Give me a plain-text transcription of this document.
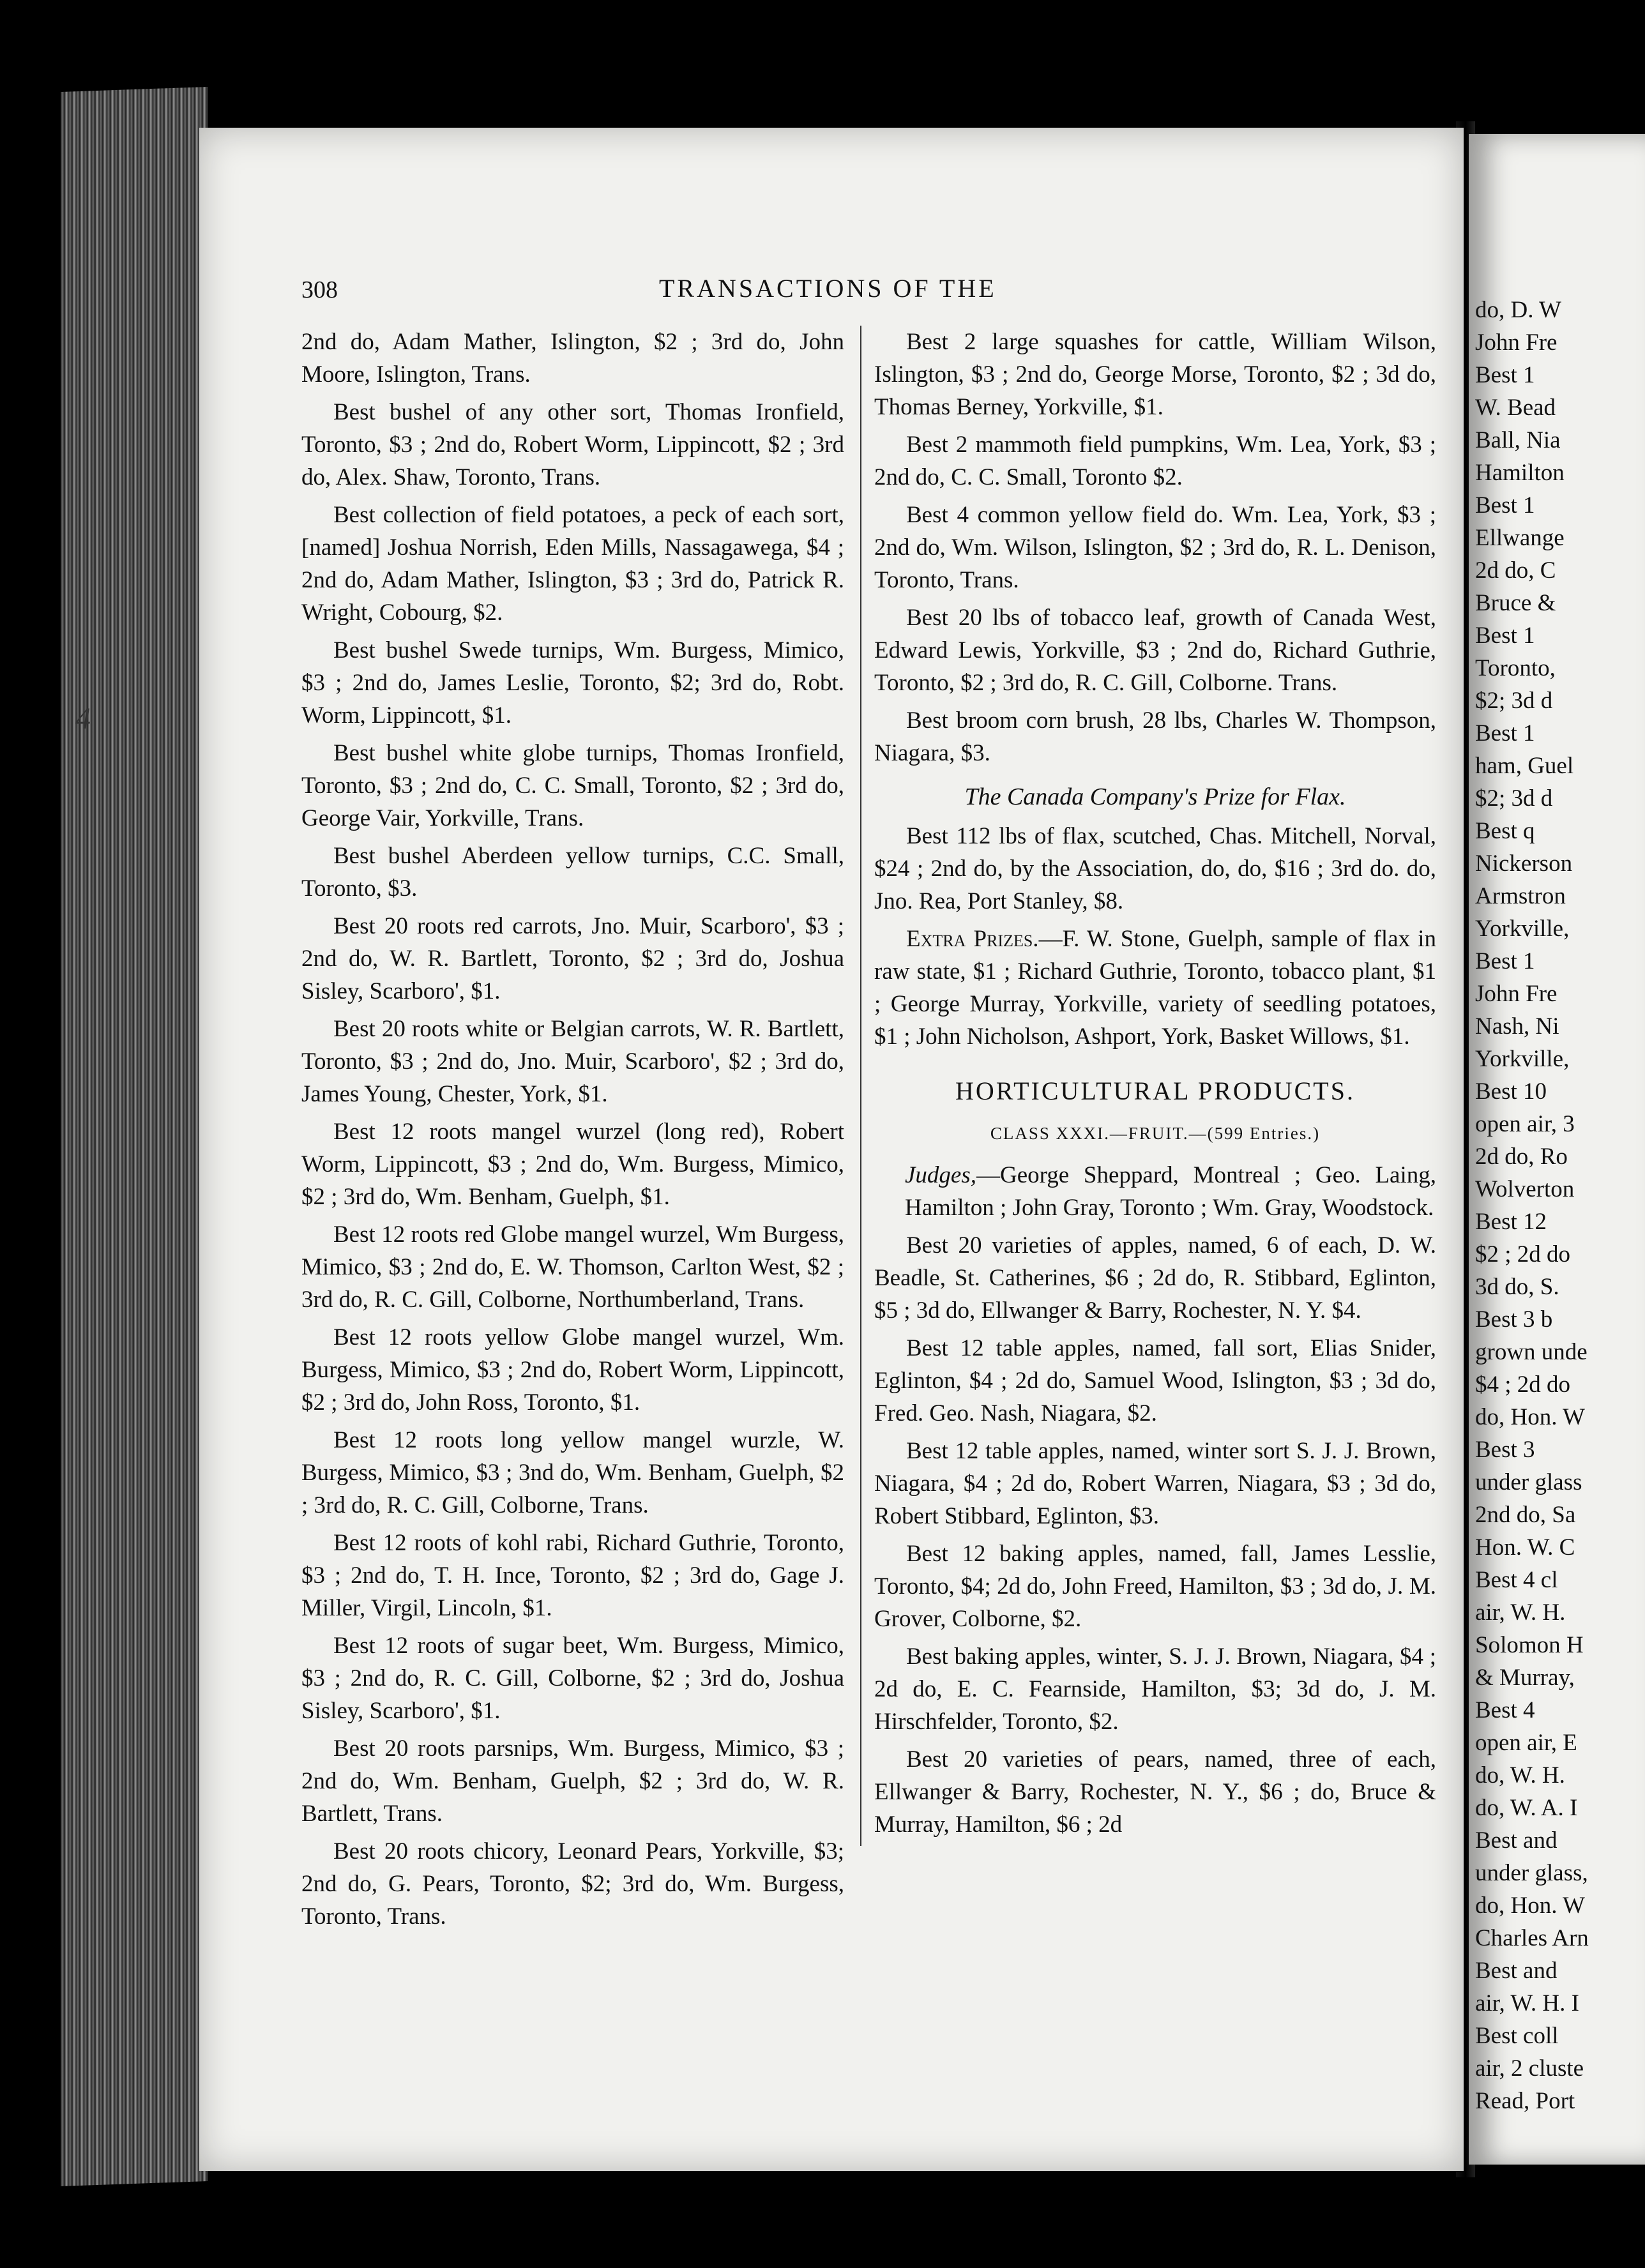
308	TRANSACTIONS OF THE

2nd do, Adam Mather, Islington, $2 ; 3rd do, John Moore, Islington, Trans.

Best bushel of any other sort, Thomas Ironfield, Toronto, $3 ; 2nd do, Robert Worm, Lippincott, $2 ; 3rd do, Alex. Shaw, Toronto, Trans.

Best collection of field potatoes, a peck of each sort, [named] Joshua Norrish, Eden Mills, Nassagawega, $4 ; 2nd do, Adam Mather, Islington, $3 ; 3rd do, Patrick R. Wright, Cobourg, $2.

Best bushel Swede turnips, Wm. Burgess, Mimico, $3 ; 2nd do, James Leslie, Toronto, $2; 3rd do, Robt. Worm, Lippincott, $1.

Best bushel white globe turnips, Thomas Ironfield, Toronto, $3 ; 2nd do, C. C. Small, Toronto, $2 ; 3rd do, George Vair, Yorkville, Trans.

Best bushel Aberdeen yellow turnips, C.C. Small, Toronto, $3.

Best 20 roots red carrots, Jno. Muir, Scarboro', $3 ; 2nd do, W. R. Bartlett, Toronto, $2 ; 3rd do, Joshua Sisley, Scarboro', $1.

Best 20 roots white or Belgian carrots, W. R. Bartlett, Toronto, $3 ; 2nd do, Jno. Muir, Scarboro', $2 ; 3rd do, James Young, Chester, York, $1.

Best 12 roots mangel wurzel (long red), Robert Worm, Lippincott, $3 ; 2nd do, Wm. Burgess, Mimico, $2 ; 3rd do, Wm. Benham, Guelph, $1.

Best 12 roots red Globe mangel wurzel, Wm Burgess, Mimico, $3 ; 2nd do, E. W. Thomson, Carlton West, $2 ; 3rd do, R. C. Gill, Colborne, Northumberland, Trans.

Best 12 roots yellow Globe mangel wurzel, Wm. Burgess, Mimico, $3 ; 2nd do, Robert Worm, Lippincott, $2 ; 3rd do, John Ross, Toronto, $1.

Best 12 roots long yellow mangel wurzle, W. Burgess, Mimico, $3 ; 3nd do, Wm. Benham, Guelph, $2 ; 3rd do, R. C. Gill, Colborne, Trans.

Best 12 roots of kohl rabi, Richard Guthrie, Toronto, $3 ; 2nd do, T. H. Ince, Toronto, $2 ; 3rd do, Gage J. Miller, Virgil, Lincoln, $1.

Best 12 roots of sugar beet, Wm. Burgess, Mimico, $3 ; 2nd do, R. C. Gill, Colborne, $2 ; 3rd do, Joshua Sisley, Scarboro', $1.

Best 20 roots parsnips, Wm. Burgess, Mimico, $3 ; 2nd do, Wm. Benham, Guelph, $2 ; 3rd do, W. R. Bartlett, Trans.

Best 20 roots chicory, Leonard Pears, Yorkville, $3; 2nd do, G. Pears, Toronto, $2; 3rd do, Wm. Burgess, Toronto, Trans.

Best 2 large squashes for cattle, William Wilson, Islington, $3 ; 2nd do, George Morse, Toronto, $2 ; 3d do, Thomas Berney, Yorkville, $1.

Best 2 mammoth field pumpkins, Wm. Lea, York, $3 ; 2nd do, C. C. Small, Toronto $2.

Best 4 common yellow field do. Wm. Lea, York, $3 ; 2nd do, Wm. Wilson, Islington, $2 ; 3rd do, R. L. Denison, Toronto, Trans.

Best 20 lbs of tobacco leaf, growth of Canada West, Edward Lewis, Yorkville, $3 ; 2nd do, Richard Guthrie, Toronto, $2 ; 3rd do, R. C. Gill, Colborne. Trans.

Best broom corn brush, 28 lbs, Charles W. Thompson, Niagara, $3.

The Canada Company's Prize for Flax.

Best 112 lbs of flax, scutched, Chas. Mitchell, Norval, $24 ; 2nd do, by the Association, do, do, $16 ; 3rd do. do, Jno. Rea, Port Stanley, $8.

Extra Prizes.—F. W. Stone, Guelph, sample of flax in raw state, $1 ; Richard Guthrie, Toronto, tobacco plant, $1 ; George Murray, Yorkville, variety of seedling potatoes, $1 ; John Nicholson, Ashport, York, Basket Willows, $1.

HORTICULTURAL PRODUCTS.
CLASS XXXI.—FRUIT.—(599 Entries.)

Judges,—George Sheppard, Montreal ; Geo. Laing, Hamilton ; John Gray, Toronto ; Wm. Gray, Woodstock.

Best 20 varieties of apples, named, 6 of each, D. W. Beadle, St. Catherines, $6 ; 2d do, R. Stibbard, Eglinton, $5 ; 3d do, Ellwanger & Barry, Rochester, N. Y. $4.

Best 12 table apples, named, fall sort, Elias Snider, Eglinton, $4 ; 2d do, Samuel Wood, Islington, $3 ; 3d do, Fred. Geo. Nash, Niagara, $2.

Best 12 table apples, named, winter sort S. J. J. Brown, Niagara, $4 ; 2d do, Robert Warren, Niagara, $3 ; 3d do, Robert Stibbard, Eglinton, $3.

Best 12 baking apples, named, fall, James Lesslie, Toronto, $4; 2d do, John Freed, Hamilton, $3 ; 3d do, J. M. Grover, Colborne, $2.

Best baking apples, winter, S. J. J. Brown, Niagara, $4 ; 2d do, E. C. Fearnside, Hamilton, $3; 3d do, J. M. Hirschfelder, Toronto, $2.

Best 20 varieties of pears, named, three of each, Ellwanger & Barry, Rochester, N. Y., $6 ; do, Bruce & Murray, Hamilton, $6 ; 2d

4
do, D. W
John Fre
Best 1
W. Bead
Ball, Nia
Hamilton
Best 1
Ellwange
2d do, C
Bruce &
Best 1
Toronto,
$2; 3d d
Best 1
ham, Guel
$2; 3d d
Best q
Nickerson
Armstron
Yorkville,
Best 1
John Fre
Nash, Ni
Yorkville,
Best 10
open air, 3
2d do, Ro
Wolverton
Best 12
$2 ; 2d do
3d do, S.
Best 3 b
grown unde
$4 ; 2d do
do, Hon. W
Best 3
under glass
2nd do, Sa
Hon. W. C
Best 4 cl
air, W. H.
Solomon H
& Murray,
Best 4
open air, E
do, W. H.
do, W. A. I
Best and
under glass,
do, Hon. W
Charles Arn
Best and
air, W. H. I
Best coll
air, 2 cluste
Read, Port
